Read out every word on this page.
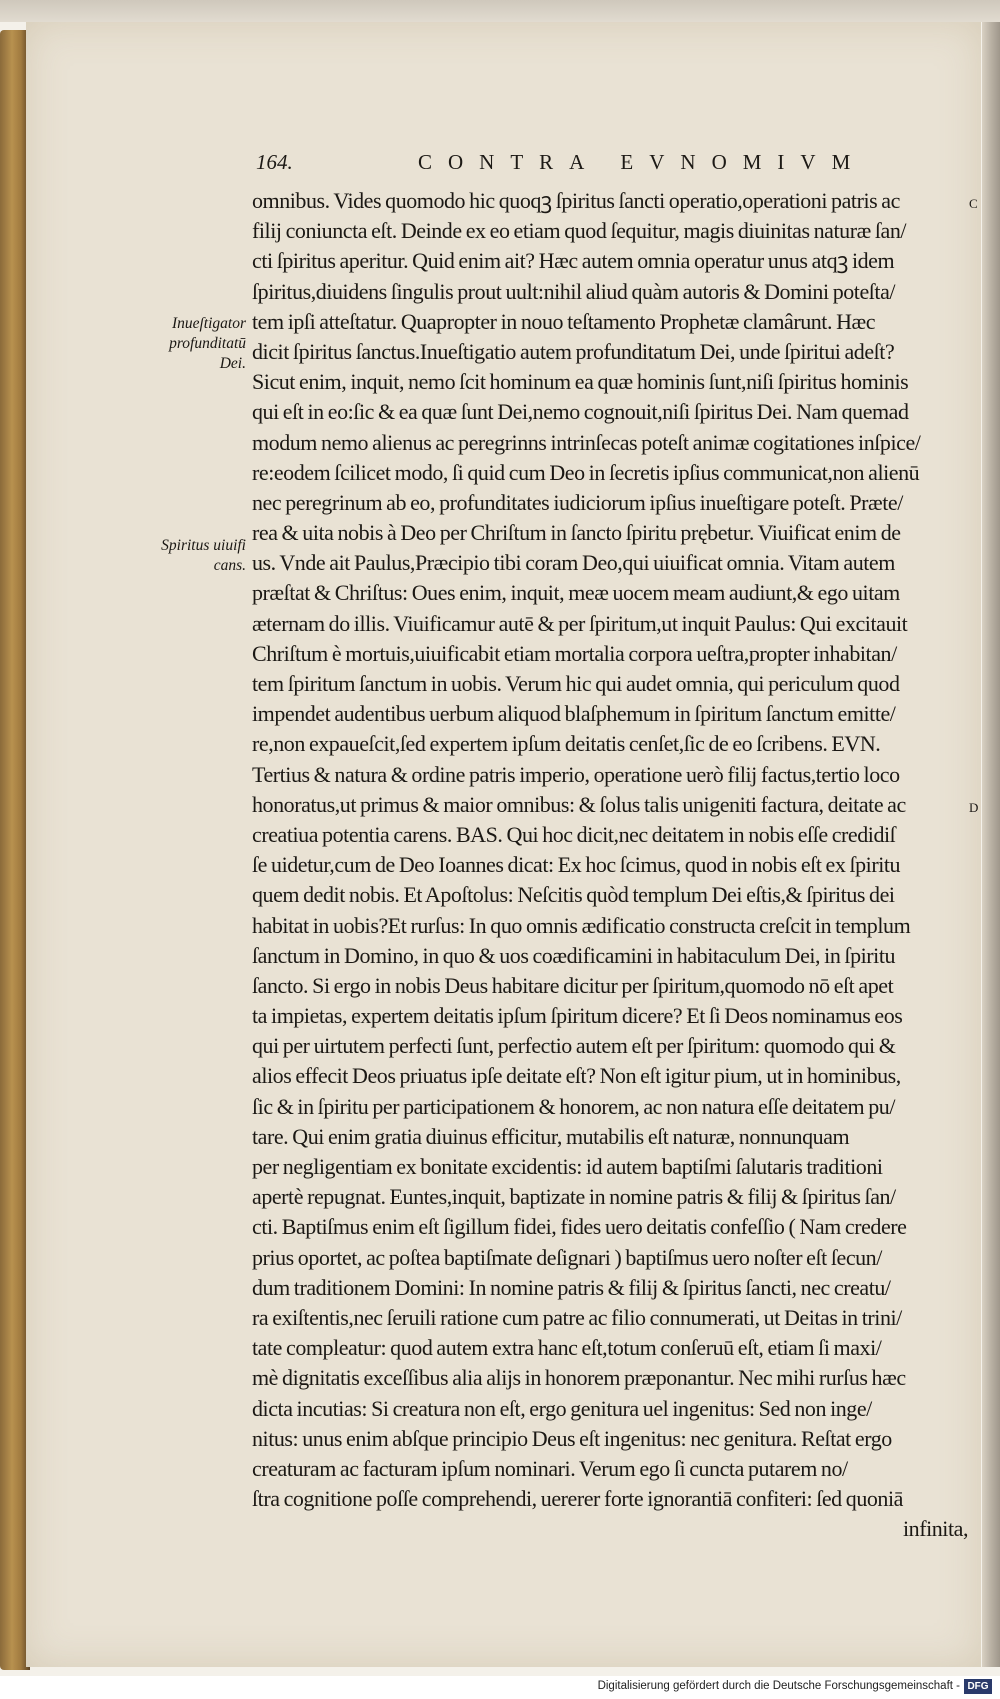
164.	CONTRA EVNOMIVM
C
D
Inueſtigator
profunditatū
Dei.
Spiritus uiuifi
cans.
omnibus. Vides quomodo hic quoqꝫ ſpiritus ſancti operatio,operationi patris ac
filij coniuncta eſt. Deinde ex eo etiam quod ſequitur, magis diuinitas naturæ ſan/
cti ſpiritus aperitur. Quid enim ait? Hæc autem omnia operatur unus atqꝫ idem
ſpiritus,diuidens ſingulis prout uult:nihil aliud quàm autoris & Domini poteſta/
tem ipſi atteſtatur. Quapropter in nouo teſtamento Prophetæ clamârunt. Hæc
dicit ſpiritus ſanctus.Inueſtigatio autem profunditatum Dei, unde ſpiritui adeſt?
Sicut enim, inquit, nemo ſcit hominum ea quæ hominis ſunt,niſi ſpiritus hominis
qui eſt in eo:ſic & ea quæ ſunt Dei,nemo cognouit,niſi ſpiritus Dei. Nam quemad
modum nemo alienus ac peregrinns intrinſecas poteſt animæ cogitationes inſpice/
re:eodem ſcilicet modo, ſi quid cum Deo in ſecretis ipſius communicat,non alienū
nec peregrinum ab eo, profunditates iudiciorum ipſius inueſtigare poteſt. Præte/
rea & uita nobis à Deo per Chriſtum in ſancto ſpiritu prębetur. Viuificat enim de
us. Vnde ait Paulus,Præcipio tibi coram Deo,qui uiuificat omnia. Vitam autem
præſtat & Chriſtus: Oues enim, inquit, meæ uocem meam audiunt,& ego uitam
æternam do illis. Viuificamur autē & per ſpiritum,ut inquit Paulus: Qui excitauit
Chriſtum è mortuis,uiuificabit etiam mortalia corpora ueſtra,propter inhabitan/
tem ſpiritum ſanctum in uobis. Verum hic qui audet omnia, qui periculum quod
impendet audentibus uerbum aliquod blaſphemum in ſpiritum ſanctum emitte/
re,non expaueſcit,ſed expertem ipſum deitatis cenſet,ſic de eo ſcribens. EVN.
Tertius & natura & ordine patris imperio, operatione uerò filij factus,tertio loco
honoratus,ut primus & maior omnibus: & ſolus talis unigeniti factura, deitate ac
creatiua potentia carens. BAS. Qui hoc dicit,nec deitatem in nobis eſſe credidiſ
ſe uidetur,cum de Deo Ioannes dicat: Ex hoc ſcimus, quod in nobis eſt ex ſpiritu
quem dedit nobis. Et Apoſtolus: Neſcitis quòd templum Dei eſtis,& ſpiritus dei
habitat in uobis?Et rurſus: In quo omnis ædificatio constructa creſcit in templum
ſanctum in Domino, in quo & uos coædificamini in habitaculum Dei, in ſpiritu
ſancto. Si ergo in nobis Deus habitare dicitur per ſpiritum,quomodo nō eſt apet
ta impietas, expertem deitatis ipſum ſpiritum dicere? Et ſi Deos nominamus eos
qui per uirtutem perfecti ſunt, perfectio autem eſt per ſpiritum: quomodo qui &
alios effecit Deos priuatus ipſe deitate eſt? Non eſt igitur pium, ut in hominibus,
ſic & in ſpiritu per participationem & honorem, ac non natura eſſe deitatem pu/
tare. Qui enim gratia diuinus efficitur, mutabilis eſt naturæ, nonnunquam
per negligentiam ex bonitate excidentis: id autem baptiſmi ſalutaris traditioni
apertè repugnat. Euntes,inquit, baptizate in nomine patris & filij & ſpiritus ſan/
cti. Baptiſmus enim eſt ſigillum fidei, fides uero deitatis confeſſio ( Nam credere
prius oportet, ac poſtea baptiſmate deſignari ) baptiſmus uero noſter eſt ſecun/
dum traditionem Domini: In nomine patris & filij & ſpiritus ſancti, nec creatu/
ra exiſtentis,nec ſeruili ratione cum patre ac filio connumerati, ut Deitas in trini/
tate compleatur: quod autem extra hanc eſt,totum conſeruū eſt, etiam ſi maxi/
mè dignitatis exceſſibus alia alijs in honorem præponantur. Nec mihi rurſus hæc
dicta incutias: Si creatura non eſt, ergo genitura uel ingenitus: Sed non inge/
nitus: unus enim abſque principio Deus eſt ingenitus: nec genitura. Reſtat ergo
creaturam ac facturam ipſum nominari. Verum ego ſi cuncta putarem no/
ſtra cognitione poſſe comprehendi, uererer forte ignorantiā confiteri: ſed quoniā
infinita,
Digitalisierung gefördert durch die Deutsche Forschungsgemeinschaft - DFG
